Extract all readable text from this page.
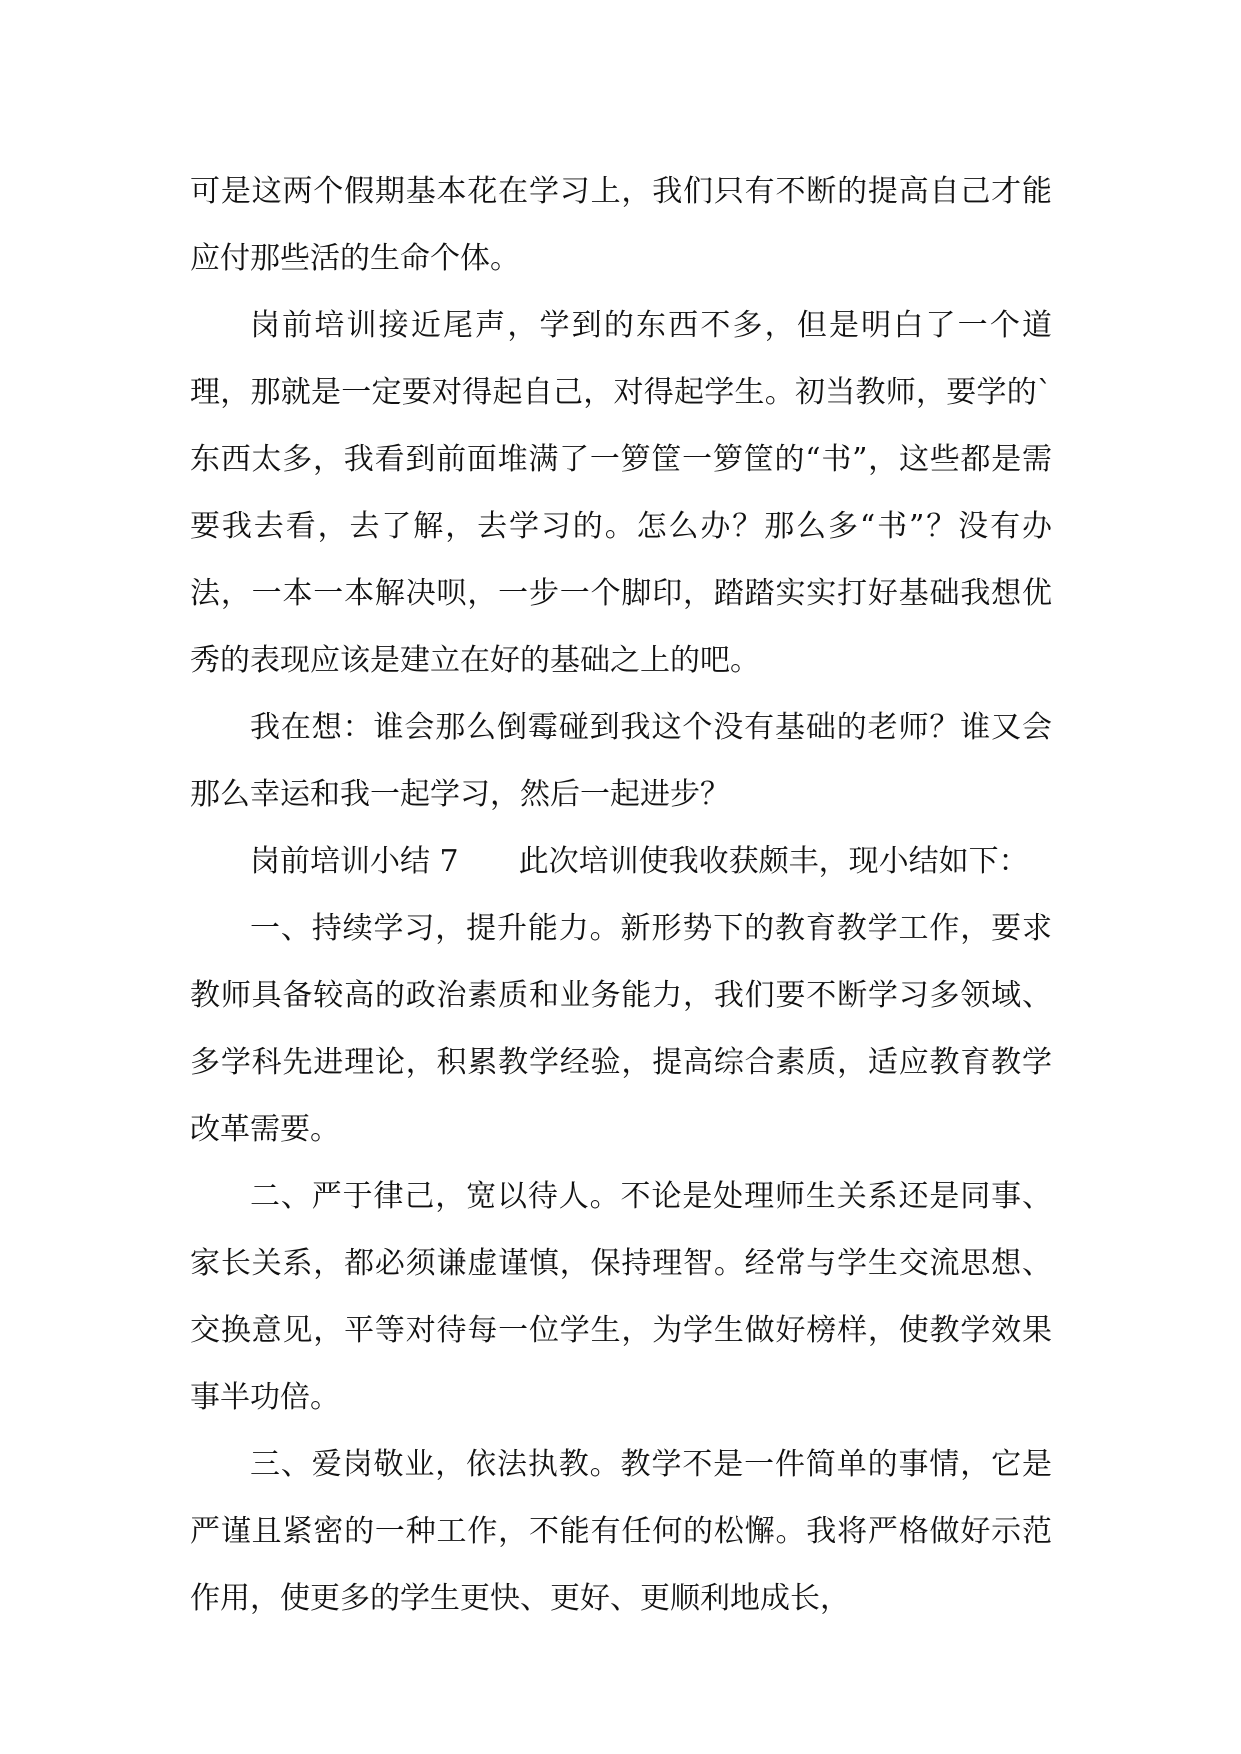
可是这两个假期基本花在学习上，我们只有不断的提高自己才能应付那些活的生命个体。

岗前培训接近尾声，学到的东西不多，但是明白了一个道理，那就是一定要对得起自己，对得起学生。初当教师，要学的`东西太多，我看到前面堆满了一箩筐一箩筐的“书”，这些都是需要我去看，去了解，去学习的。怎么办？那么多“书”？没有办法，一本一本解决呗，一步一个脚印，踏踏实实打好基础我想优秀的表现应该是建立在好的基础之上的吧。

我在想：谁会那么倒霉碰到我这个没有基础的老师？谁又会那么幸运和我一起学习，然后一起进步？

岗前培训小结 7　　此次培训使我收获颇丰，现小结如下：

一、持续学习，提升能力。新形势下的教育教学工作，要求教师具备较高的政治素质和业务能力，我们要不断学习多领域、多学科先进理论，积累教学经验，提高综合素质，适应教育教学改革需要。

二、严于律己，宽以待人。不论是处理师生关系还是同事、家长关系，都必须谦虚谨慎，保持理智。经常与学生交流思想、交换意见，平等对待每一位学生，为学生做好榜样，使教学效果事半功倍。

三、爱岗敬业，依法执教。教学不是一件简单的事情，它是严谨且紧密的一种工作，不能有任何的松懈。我将严格做好示范作用，使更多的学生更快、更好、更顺利地成长，
